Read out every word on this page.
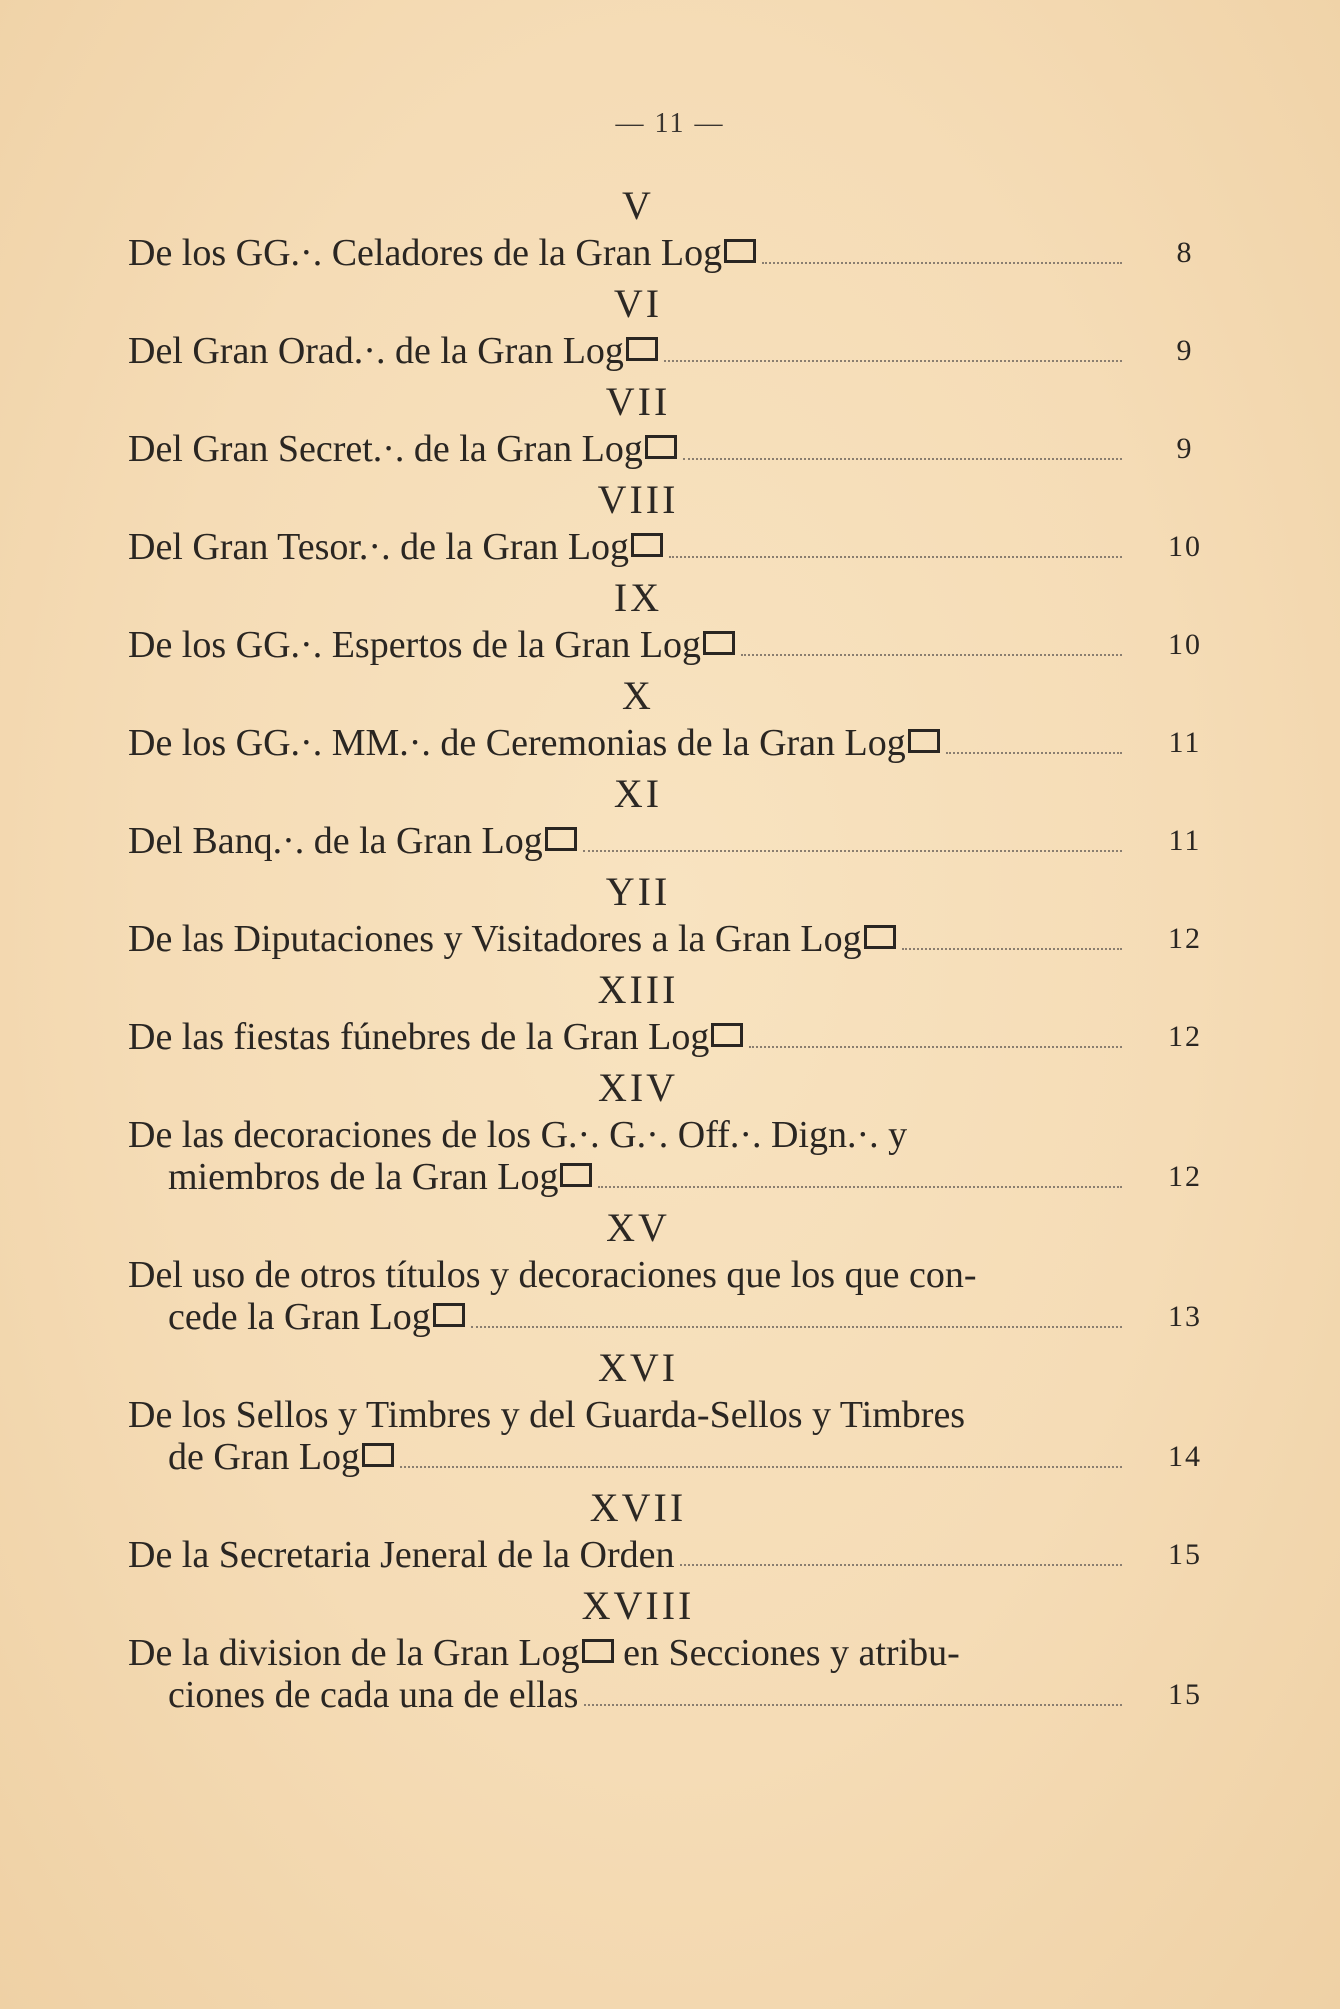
— 11 —
V
De los GG.·. Celadores de la Gran Log	8
VI
Del Gran Orad.·. de la Gran Log	9
VII
Del Gran Secret.·. de la Gran Log	9
VIII
Del Gran Tesor.·. de la Gran Log	10
IX
De los GG.·. Espertos de la Gran Log	10
X
De los GG.·. MM.·. de Ceremonias de la Gran Log	11
XI
Del Banq.·. de la Gran Log	11
YII
De las Diputaciones y Visitadores a la Gran Log	12
XIII
De las fiestas fúnebres de la Gran Log	12
XIV
De las decoraciones de los G.·. G.·. Off.·. Dign.·. y
miembros de la Gran Log	12
XV
Del uso de otros títulos y decoraciones que los que con-
cede la Gran Log	13
XVI
De los Sellos y Timbres y del Guarda-Sellos y Timbres
de Gran Log	14
XVII
De la Secretaria Jeneral de la Orden	15
XVIII
De la division de la Gran Log en Secciones y atribu-
ciones de cada una de ellas	15
